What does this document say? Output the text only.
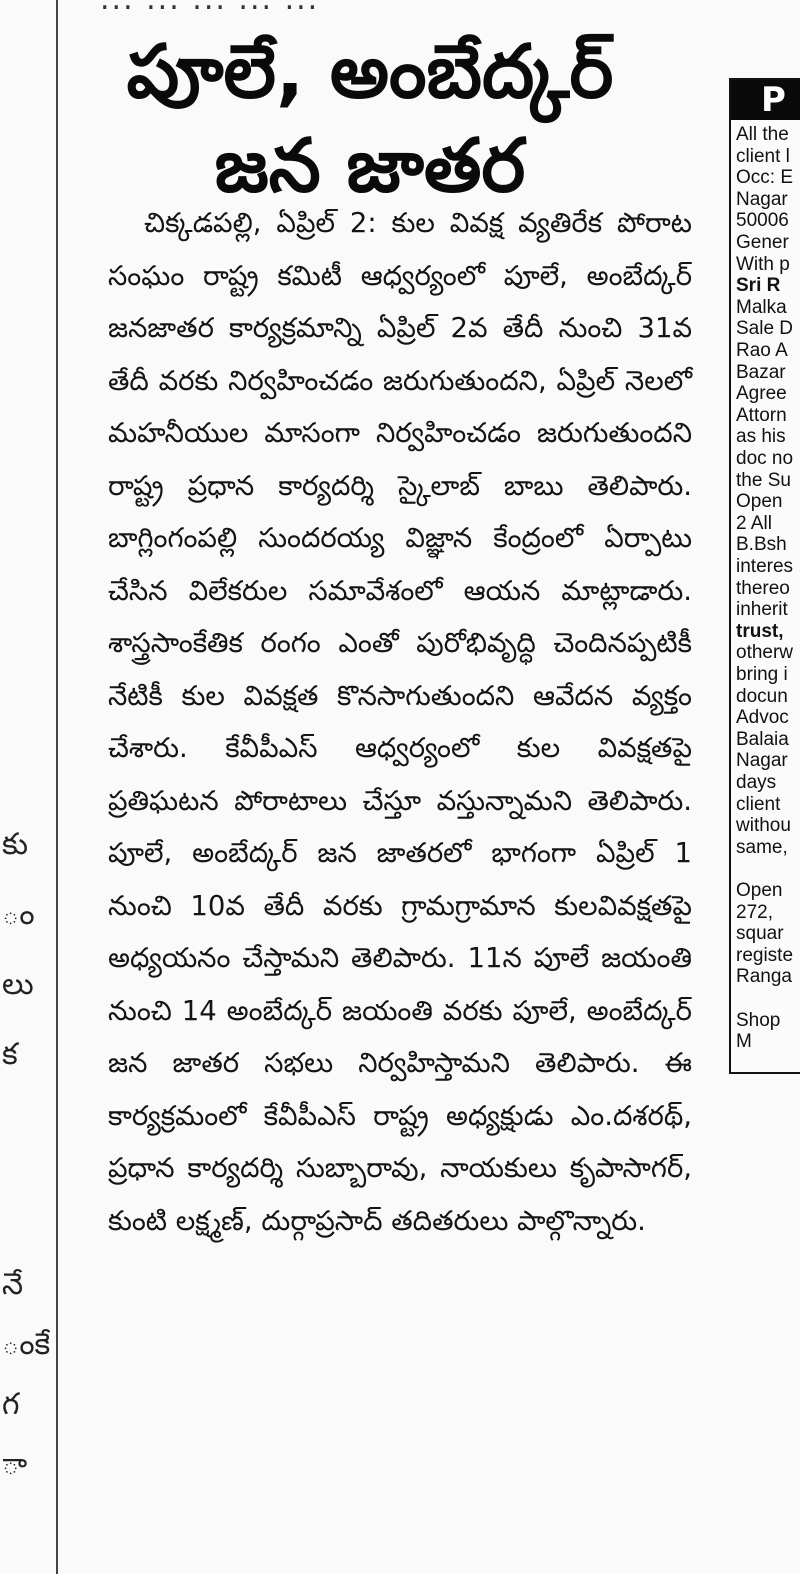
కు
ం
లు
క
నే
ంకే
గ
ా
పూలే, అంబేద్కర్
జన జాతర

చిక్కడపల్లి, ఏప్రిల్ 2: కుల వివక్ష వ్యతిరేక పోరాట సంఘం రాష్ట్ర కమిటీ ఆధ్వర్యంలో పూలే, అంబేద్కర్ జనజాతర కార్యక్రమాన్ని ఏప్రిల్ 2వ తేదీ నుంచి 31వ తేదీ వరకు నిర్వహించడం జరుగుతుందని, ఏప్రిల్ నెలలో మహనీయుల మాసంగా నిర్వహించడం జరుగుతుందని రాష్ట్ర ప్రధాన కార్యదర్శి స్కైలాబ్ బాబు తెలిపారు. బాగ్లింగంపల్లి సుందరయ్య విజ్ఞాన కేంద్రంలో ఏర్పాటు చేసిన విలేకరుల సమావేశంలో ఆయన మాట్లాడారు. శాస్త్రసాంకేతిక రంగం ఎంతో పురోభివృద్ధి చెందినప్పటికీ నేటికీ కుల వివక్షత కొనసాగుతుందని ఆవేదన వ్యక్తం చేశారు. కేవీపీఎస్ ఆధ్వర్యంలో కుల వివక్షతపై ప్రతిఘటన పోరాటాలు చేస్తూ వస్తున్నామని తెలిపారు. పూలే, అంబేద్కర్ జన జాతరలో భాగంగా ఏప్రిల్ 1 నుంచి 10వ తేదీ వరకు గ్రామగ్రామాన కులవివక్షతపై అధ్యయనం చేస్తామని తెలిపారు. 11న పూలే జయంతి నుంచి 14 అంబేద్కర్ జయంతి వరకు పూలే, అంబేద్కర్ జన జాతర సభలు నిర్వహిస్తామని తెలిపారు. ఈ కార్యక్రమంలో కేవీపీఎస్ రాష్ట్ర అధ్యక్షుడు ఎం.దశరథ్, ప్రధాన కార్యదర్శి సుబ్బారావు, నాయకులు కృపాసాగర్, కుంటి లక్ష్మణ్, దుర్గాప్రసాద్ తదితరులు పాల్గొన్నారు.

P
All the
client l
Occ: E
Nagar
50006
Gener
With p
Sri R
Malka
Sale D
Rao A
Bazar
Agree
Attorn
as his
doc no
the Su
Open
2 All
B.Bsh
interes
thereo
inherit
trust,
otherw
bring i
docun
Advoc
Balaia
Nagar
days
client
withou
same,
Open
272,
squar
registe
Ranga
Shop
M
